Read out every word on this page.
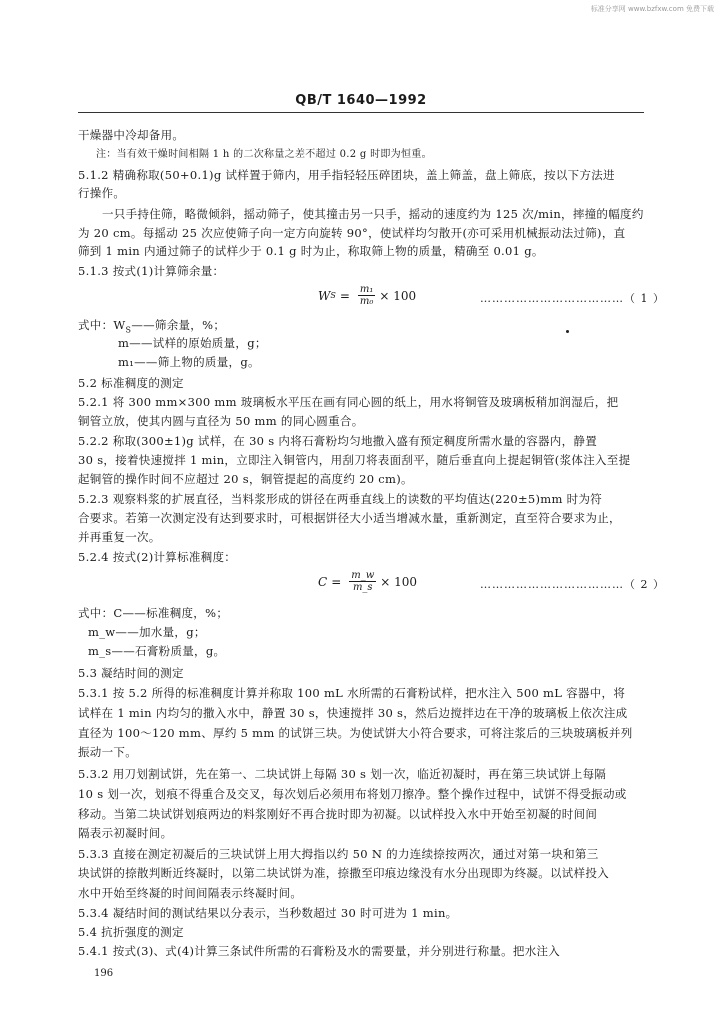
标准分享网 www.bzfxw.com 免费下载
QB/T 1640—1992
干燥器中冷却备用。
注：当有效干燥时间相隔 1 h 的二次称量之差不超过 0.2 g 时即为恒重。
5.1.2 精确称取(50+0.1)g 试样置于筛内，用手指轻轻压碎团块，盖上筛盖，盘上筛底，按以下方法进
行操作。
一只手持住筛，略微倾斜，摇动筛子，使其撞击另一只手，摇动的速度约为 125 次/min，摔撞的幅度约
为 20 cm。每摇动 25 次应使筛子向一定方向旋转 90°，使试样均匀散开(亦可采用机械振动法过筛)，直
筛到 1 min 内通过筛子的试样少于 0.1 g 时为止，称取筛上物的质量，精确至 0.01 g。
5.1.3 按式(1)计算筛余量：
W $S = \frac{\text{m₁}}{\text{m₀}} \times 100$	………………………………（ 1 ）
式中：$W_S——$筛余量，%；
m——试样的原始质量，g；
m₁——筛上物的质量，g。
5.2 标准稠度的测定
5.2.1 将 300 mm×300 mm 玻璃板水平压在画有同心圆的纸上，用水将铜管及玻璃板稍加润湿后，把
铜管立放，使其内圆与直径为 50 mm 的同心圆重合。
5.2.2 称取(300±1)g 试样，在 30 s 内将石膏粉均匀地撒入盛有预定稠度所需水量的容器内，静置
30 s，接着快速搅拌 1 min，立即注入铜管内，用刮刀将表面刮平，随后垂直向上提起铜管(浆体注入至提
起铜管的操作时间不应超过 20 s，铜管提起的高度约 20 cm)。
5.2.3 观察料浆的扩展直径，当料浆形成的饼径在两垂直线上的读数的平均值达(220±5)mm 时为符
合要求。若第一次测定没有达到要求时，可根据饼径大小适当增减水量，重新测定，直至符合要求为止，
并再重复一次。
5.2.4 按式(2)计算标准稠度：
$C = \frac{m\_w}{m\_s} \times 100$	………………………………（ 2 ）
式中：C——标准稠度，%；
m_w——加水量，g；
m_s——石膏粉质量，g。
5.3 凝结时间的测定
5.3.1 按 5.2 所得的标准稠度计算并称取 100 mL 水所需的石膏粉试样，把水注入 500 mL 容器中，将
试样在 1 min 内均匀的撒入水中，静置 30 s，快速搅拌 30 s，然后边搅拌边在干净的玻璃板上依次注成
直径为 100～120 mm、厚约 5 mm 的试饼三块。为使试饼大小符合要求，可将注浆后的三块玻璃板并列
振动一下。
5.3.2 用刀划割试饼，先在第一、二块试饼上每隔 30 s 划一次，临近初凝时，再在第三块试饼上每隔
10 s 划一次，划痕不得重合及交叉，每次划后必须用布将划刀擦净。整个操作过程中，试饼不得受振动或
移动。当第二块试饼划痕两边的料浆刚好不再合拢时即为初凝。以试样投入水中开始至初凝的时间间
隔表示初凝时间。
5.3.3 直接在测定初凝后的三块试饼上用大拇指以约 50 N 的力连续捺按两次，通过对第一块和第三
块试饼的捺散判断近终凝时，以第二块试饼为准，捺撒至印痕边缘没有水分出现即为终凝。以试样投入
水中开始至终凝的时间间隔表示终凝时间。
5.3.4 凝结时间的测试结果以分表示，当秒数超过 30 时可进为 1 min。
5.4 抗折强度的测定
5.4.1 按式(3)、式(4)计算三条试件所需的石膏粉及水的需要量，并分别进行称量。把水注入
196
